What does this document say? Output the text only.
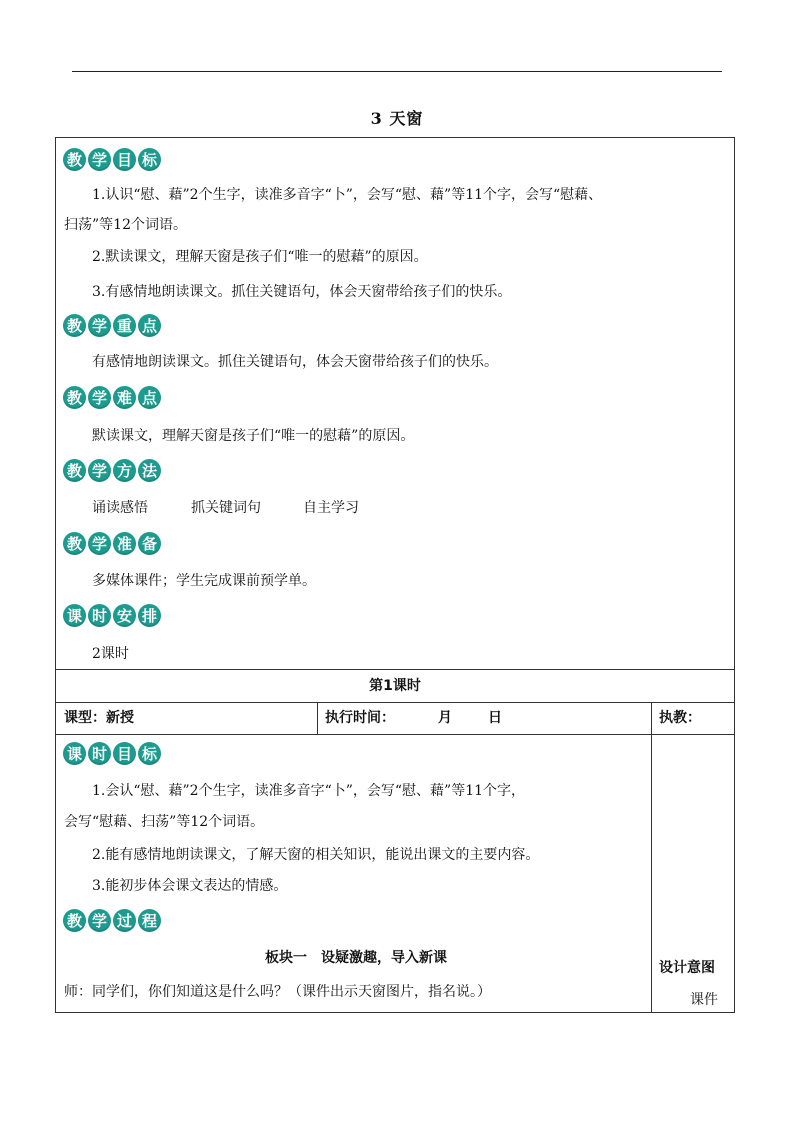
3 天窗
教 学 目 标
1.认识“慰、藉”2个生字，读准多音字“卜”，会写“慰、藉”等11个字，会写“慰藉、
扫荡”等12个词语。
2.默读课文，理解天窗是孩子们“唯一的慰藉”的原因。
3.有感情地朗读课文。抓住关键语句，体会天窗带给孩子们的快乐。
教 学 重 点
有感情地朗读课文。抓住关键语句，体会天窗带给孩子们的快乐。
教 学 难 点
默读课文，理解天窗是孩子们“唯一的慰藉”的原因。
教 学 方 法
诵读感悟	抓关键词句	自主学习
教 学 准 备
多媒体课件；学生完成课前预学单。
课 时 安 排
2课时
第1课时
课型：新授	执行时间：	月	日	执教：
课 时 目 标
1.会认“慰、藉”2个生字，读准多音字“卜”，会写“慰、藉”等11个字，
会写“慰藉、扫荡”等12个词语。
2.能有感情地朗读课文，了解天窗的相关知识，能说出课文的主要内容。
3.能初步体会课文表达的情感。
教 学 过 程
板块一　设疑激趣，导入新课
师：同学们，你们知道这是什么吗？（课件出示天窗图片，指名说。）
设计意图
课件
